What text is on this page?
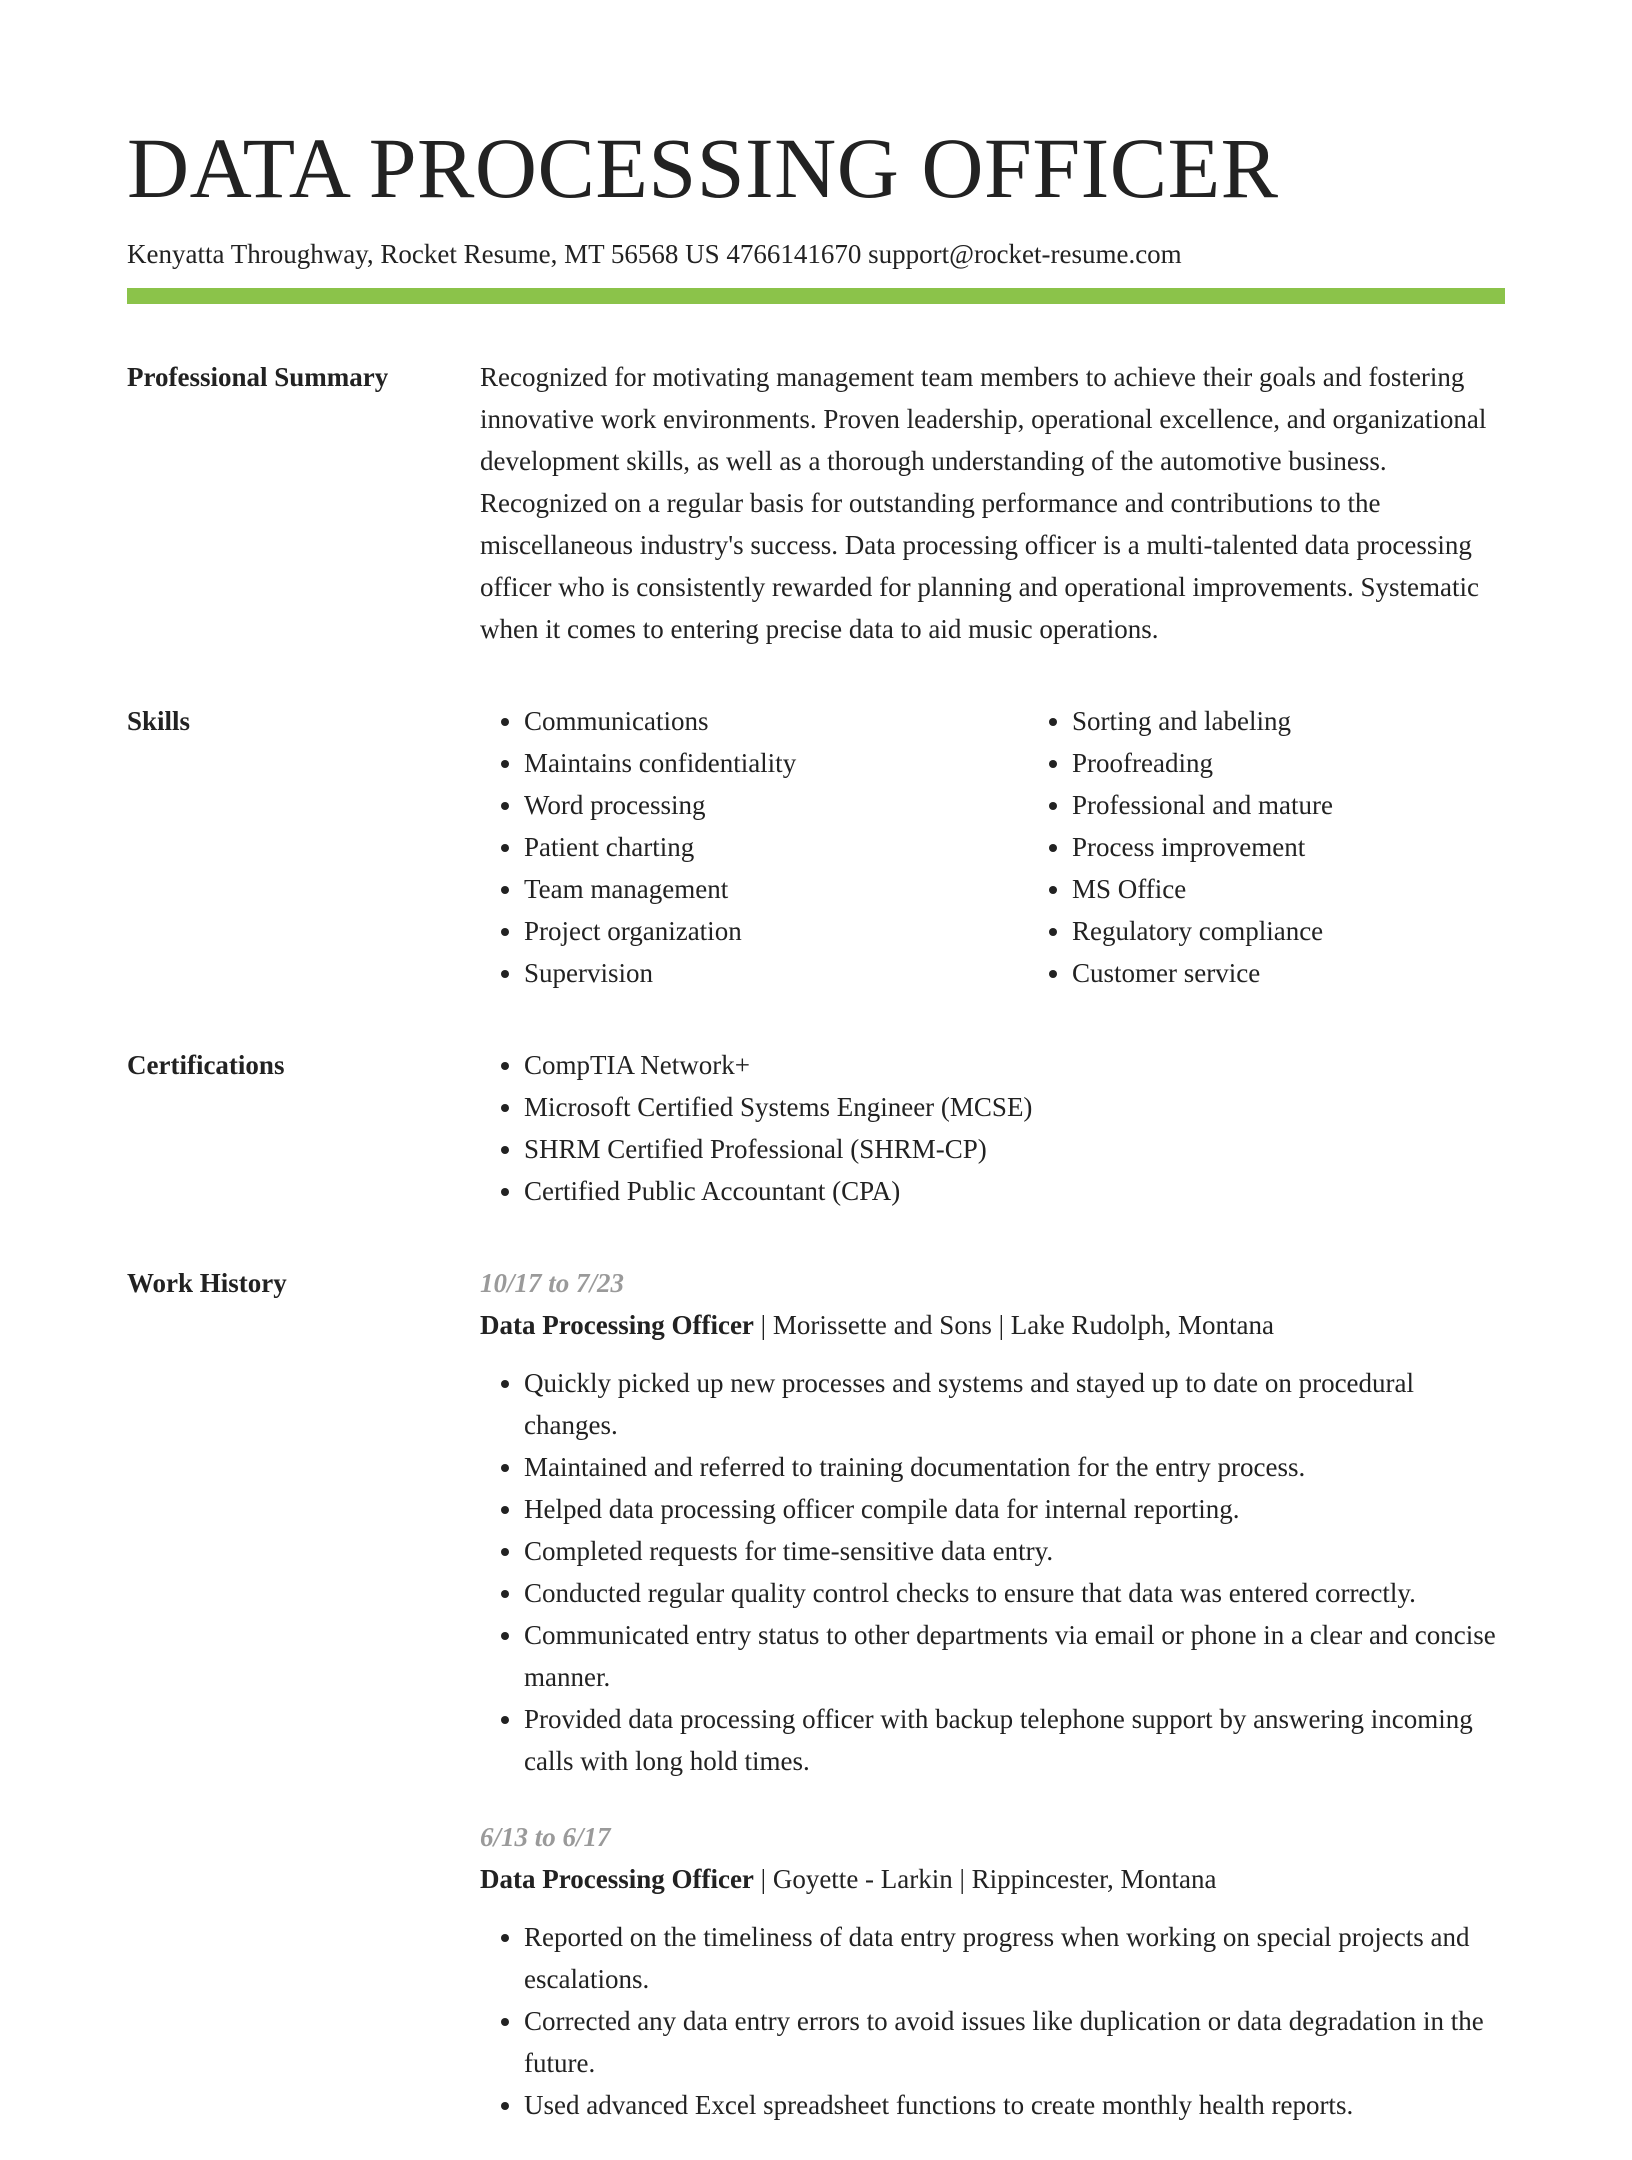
DATA PROCESSING OFFICER
Kenyatta Throughway, Rocket Resume, MT 56568 US 4766141670 support@rocket-resume.com
Professional Summary	Recognized for motivating management team members to achieve their goals and fostering innovative work environments. Proven leadership, operational excellence, and organizational development skills, as well as a thorough understanding of the automotive business. Recognized on a regular basis for outstanding performance and contributions to the miscellaneous industry's success. Data processing officer is a multi-talented data processing officer who is consistently rewarded for planning and operational improvements. Systematic when it comes to entering precise data to aid music operations.

Skills	• Communications
• Maintains confidentiality
• Word processing
• Patient charting
• Team management
• Project organization
• Supervision
• Sorting and labeling
• Proofreading
• Professional and mature
• Process improvement
• MS Office
• Regulatory compliance
• Customer service
Certifications	• CompTIA Network+
• Microsoft Certified Systems Engineer (MCSE)
• SHRM Certified Professional (SHRM-CP)
• Certified Public Accountant (CPA)
Work History	10/17 to 7/23
Data Processing Officer | Morissette and Sons | Lake Rudolph, Montana
• Quickly picked up new processes and systems and stayed up to date on procedural changes.
• Maintained and referred to training documentation for the entry process.
• Helped data processing officer compile data for internal reporting.
• Completed requests for time-sensitive data entry.
• Conducted regular quality control checks to ensure that data was entered correctly.
• Communicated entry status to other departments via email or phone in a clear and concise manner.
• Provided data processing officer with backup telephone support by answering incoming calls with long hold times.
6/13 to 6/17
Data Processing Officer | Goyette - Larkin | Rippincester, Montana
• Reported on the timeliness of data entry progress when working on special projects and escalations.
• Corrected any data entry errors to avoid issues like duplication or data degradation in the future.
• Used advanced Excel spreadsheet functions to create monthly health reports.
